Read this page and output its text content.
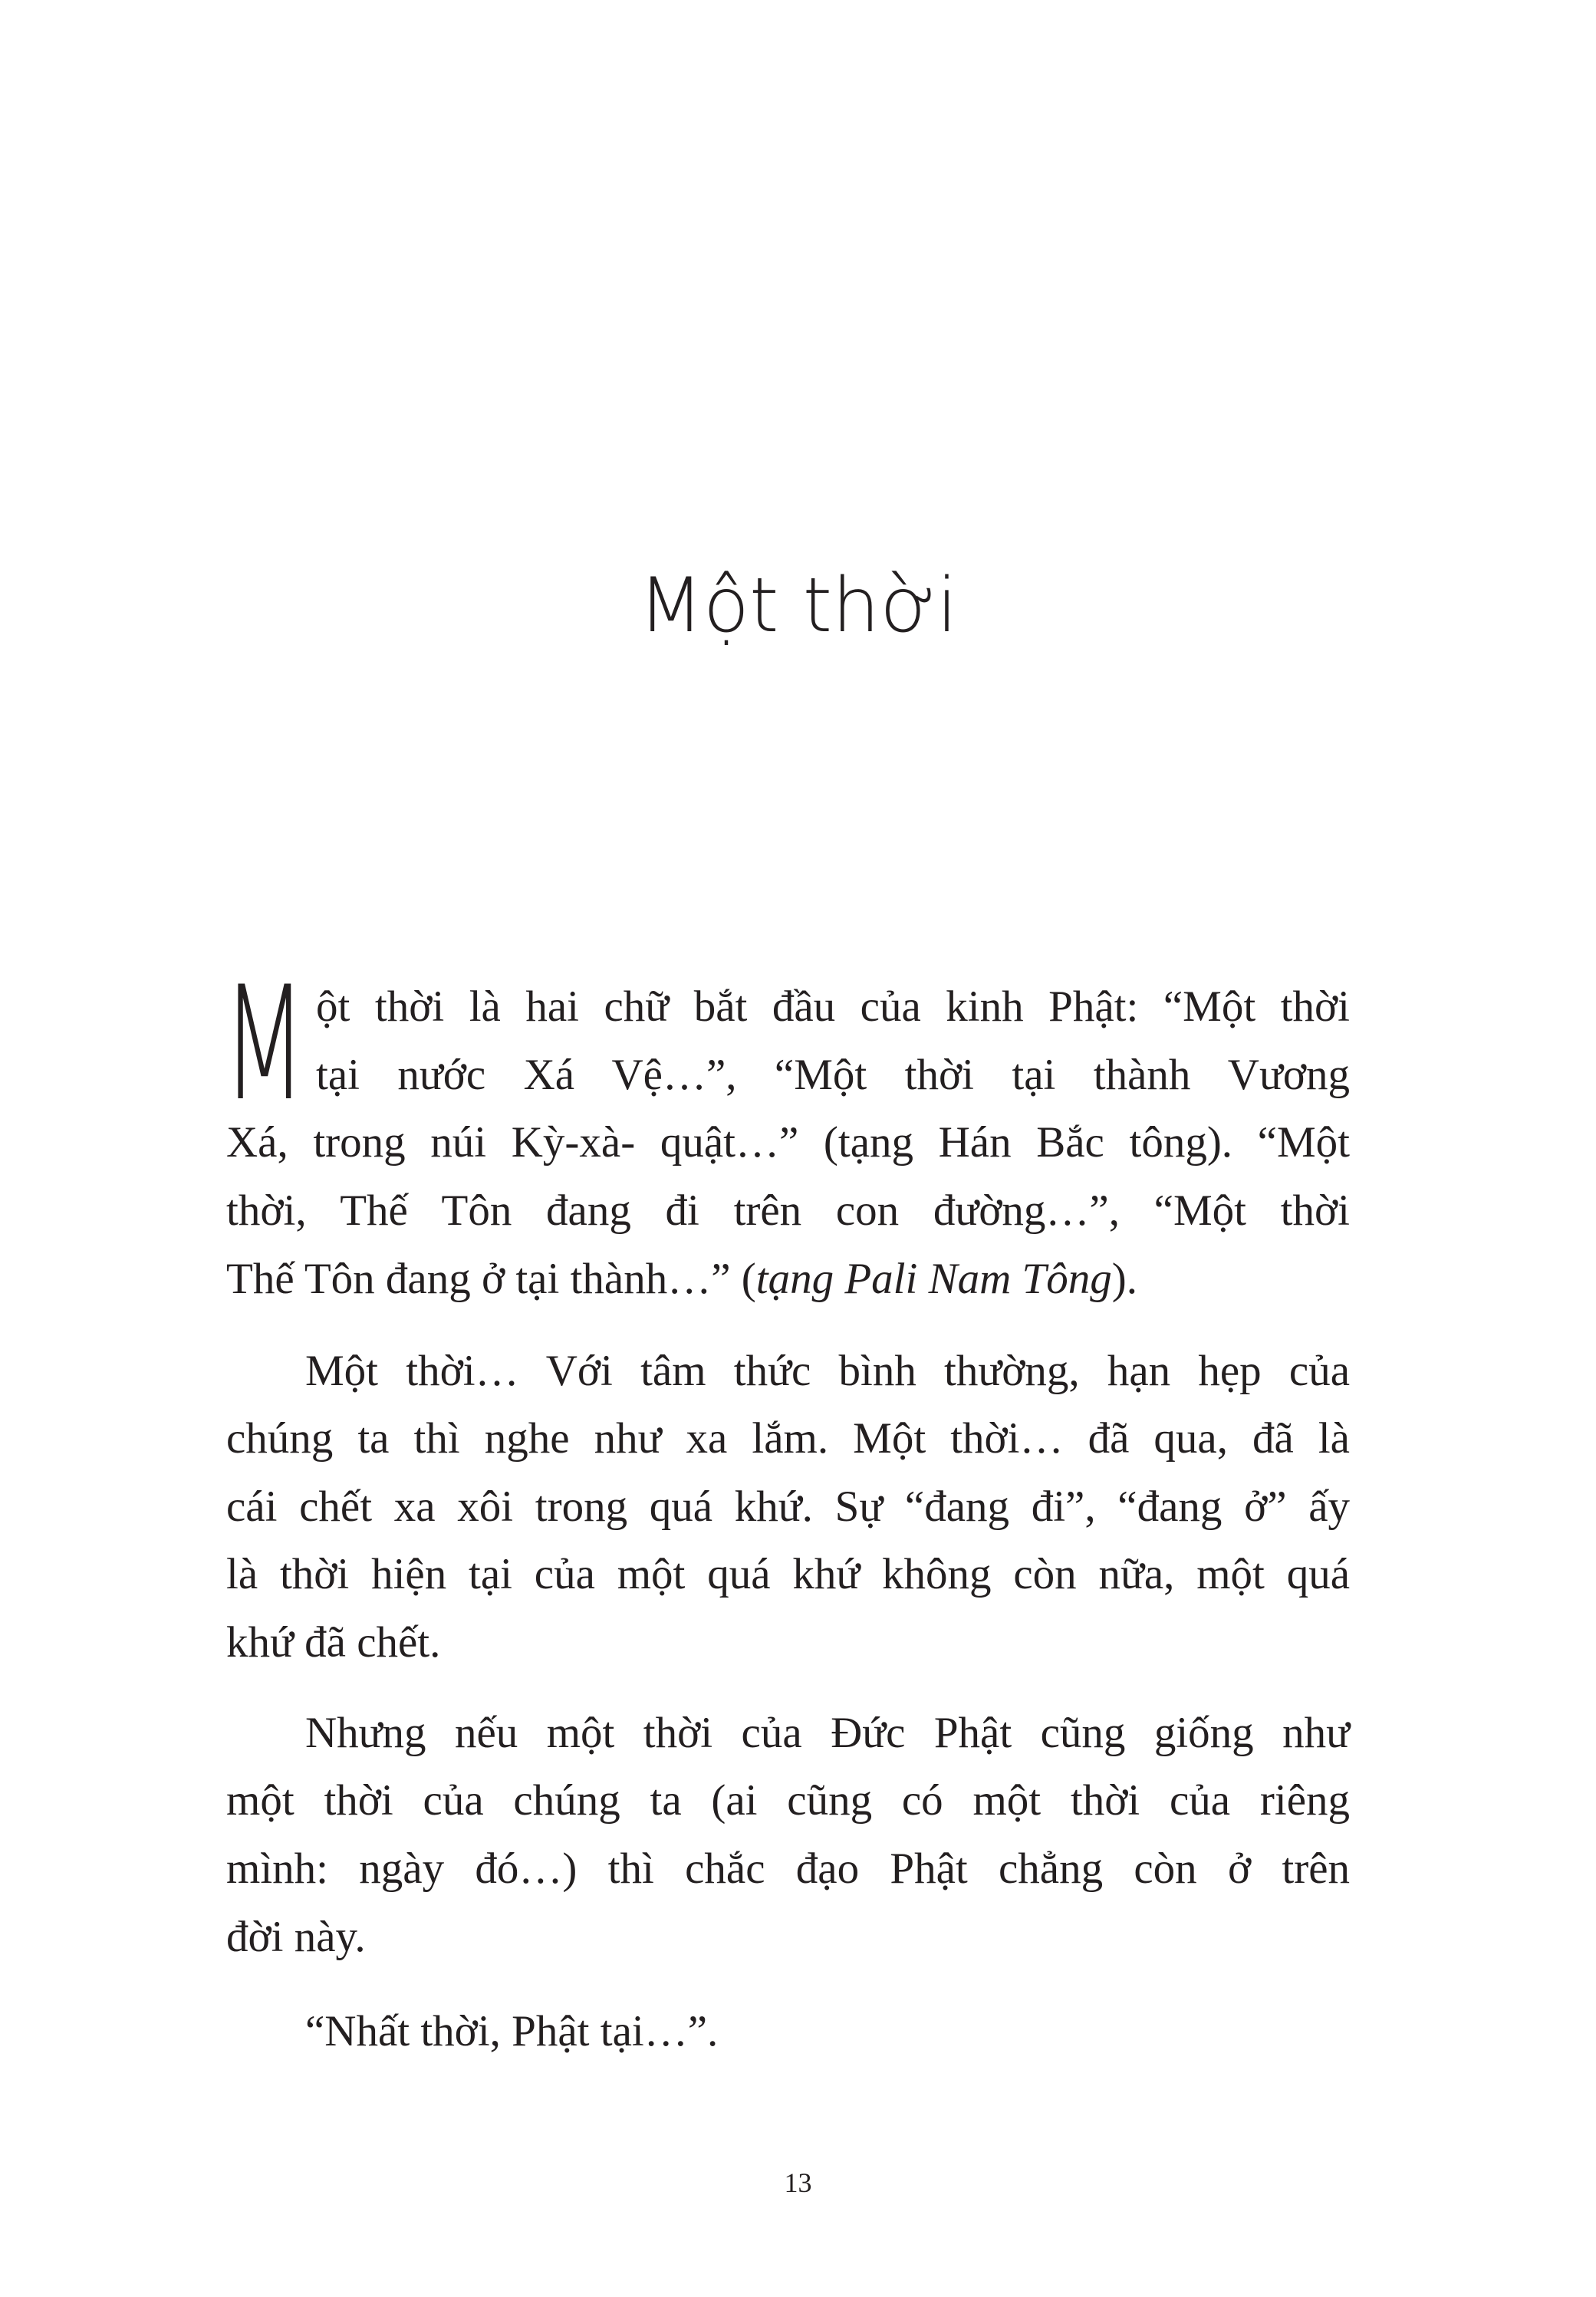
Một thời
M ột thời là hai chữ bắt đầu của kinh Phật: “Một thời
tại nước Xá Vệ…”, “Một thời tại thành Vương
Xá, trong núi Kỳ-xà- quật…” (tạng Hán Bắc tông). “Một
thời, Thế Tôn đang đi trên con đường…”, “Một thời
Thế Tôn đang ở tại thành…” (tạng Pali Nam Tông).
Một thời… Với tâm thức bình thường, hạn hẹp của
chúng ta thì nghe như xa lắm. Một thời… đã qua, đã là
cái chết xa xôi trong quá khứ. Sự “đang đi”, “đang ở” ấy
là thời hiện tại của một quá khứ không còn nữa, một quá
khứ đã chết.
Nhưng nếu một thời của Đức Phật cũng giống như
một thời của chúng ta (ai cũng có một thời của riêng
mình: ngày đó…) thì chắc đạo Phật chẳng còn ở trên
đời này.
“Nhất thời, Phật tại…”.
13
